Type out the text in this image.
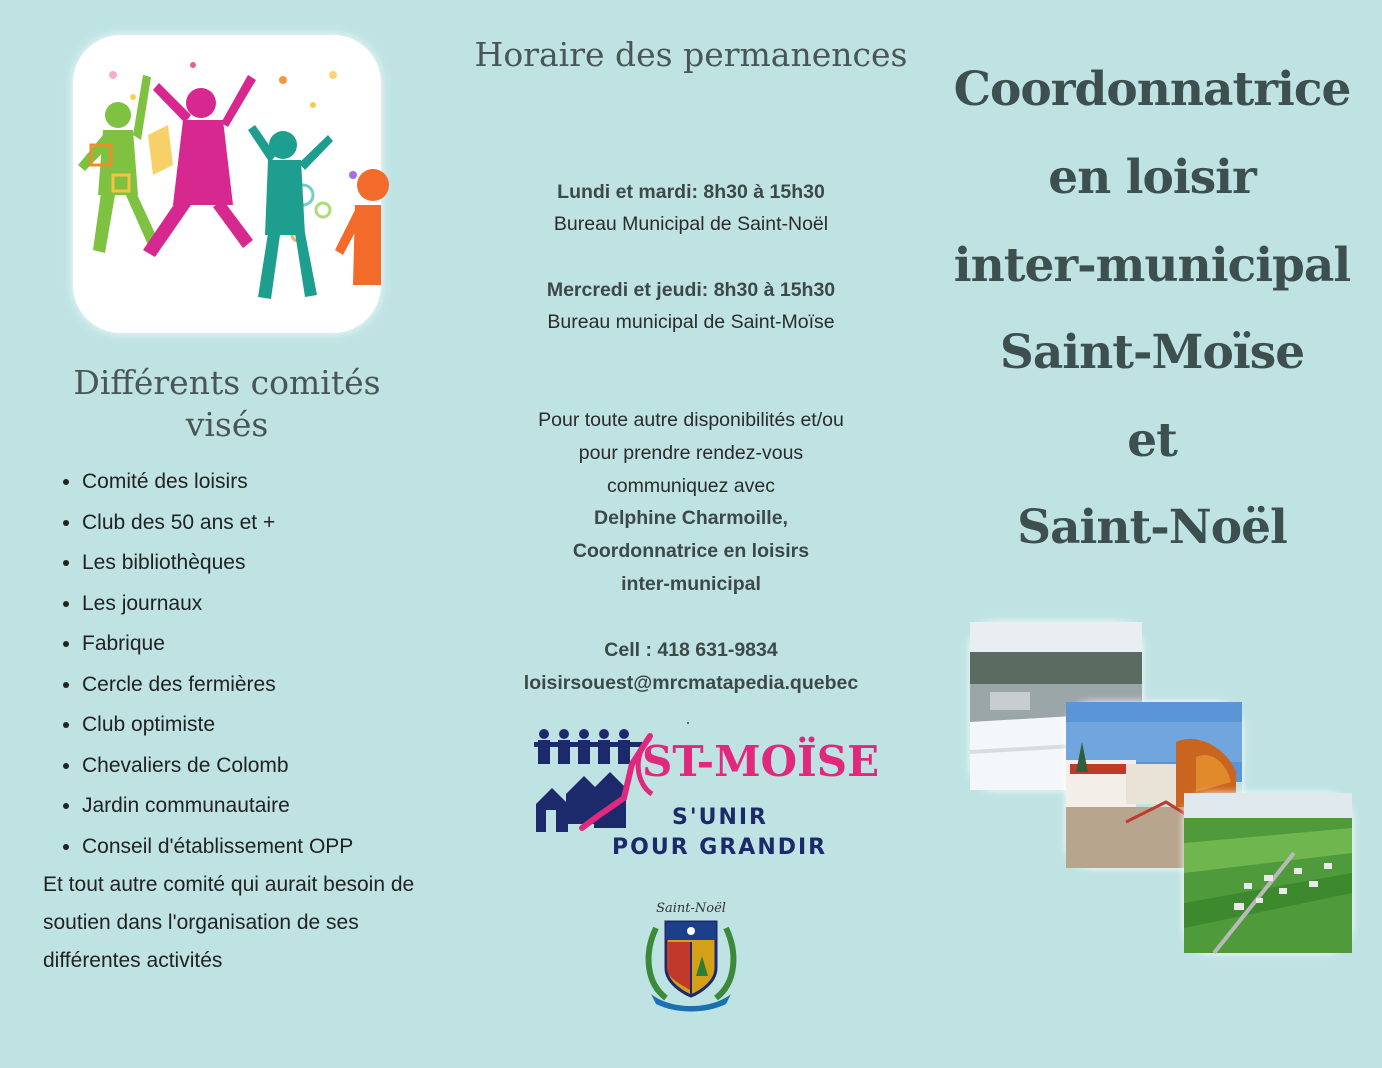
Différents comités visés
• Comité des loisirs
• Club des 50 ans et +
• Les bibliothèques
• Les journaux
• Fabrique
• Cercle des fermières
• Club optimiste
• Chevaliers de Colomb
• Jardin communautaire
• Conseil d'établissement OPP
Et tout autre comité qui aurait besoin de soutien dans l'organisation de ses différentes activités
Horaire des permanences
Lundi et mardi: 8h30 à 15h30
Bureau Municipal de Saint-Noël
Mercredi et jeudi: 8h30 à 15h30
Bureau municipal de Saint-Moïse
Pour toute autre disponibilités et/ou
pour prendre rendez-vous
communiquez avec
Delphine Charmoille,
Coordonnatrice en loisirs
inter-municipal
Cell : 418 631-9834
loisirsouest@mrcmatapedia.quebec
ST-MOÏSE
S'UNIR
POUR GRANDIR
Saint-Noël
Coordonnatrice
en loisir
inter-municipal
Saint-Moïse
et
Saint-Noël
